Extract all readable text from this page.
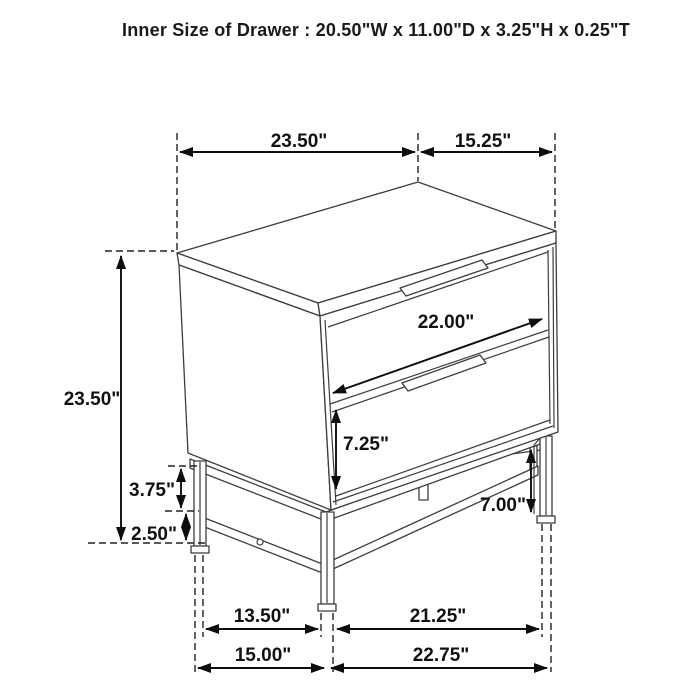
Inner Size of Drawer : 20.50"W x 11.00"D x 3.25"H x 0.25"T
23.50"	15.25"
23.50"
3.75"
2.50"
22.00"
7.25"
7.00"
13.50"	21.25"
15.00"	22.75"
